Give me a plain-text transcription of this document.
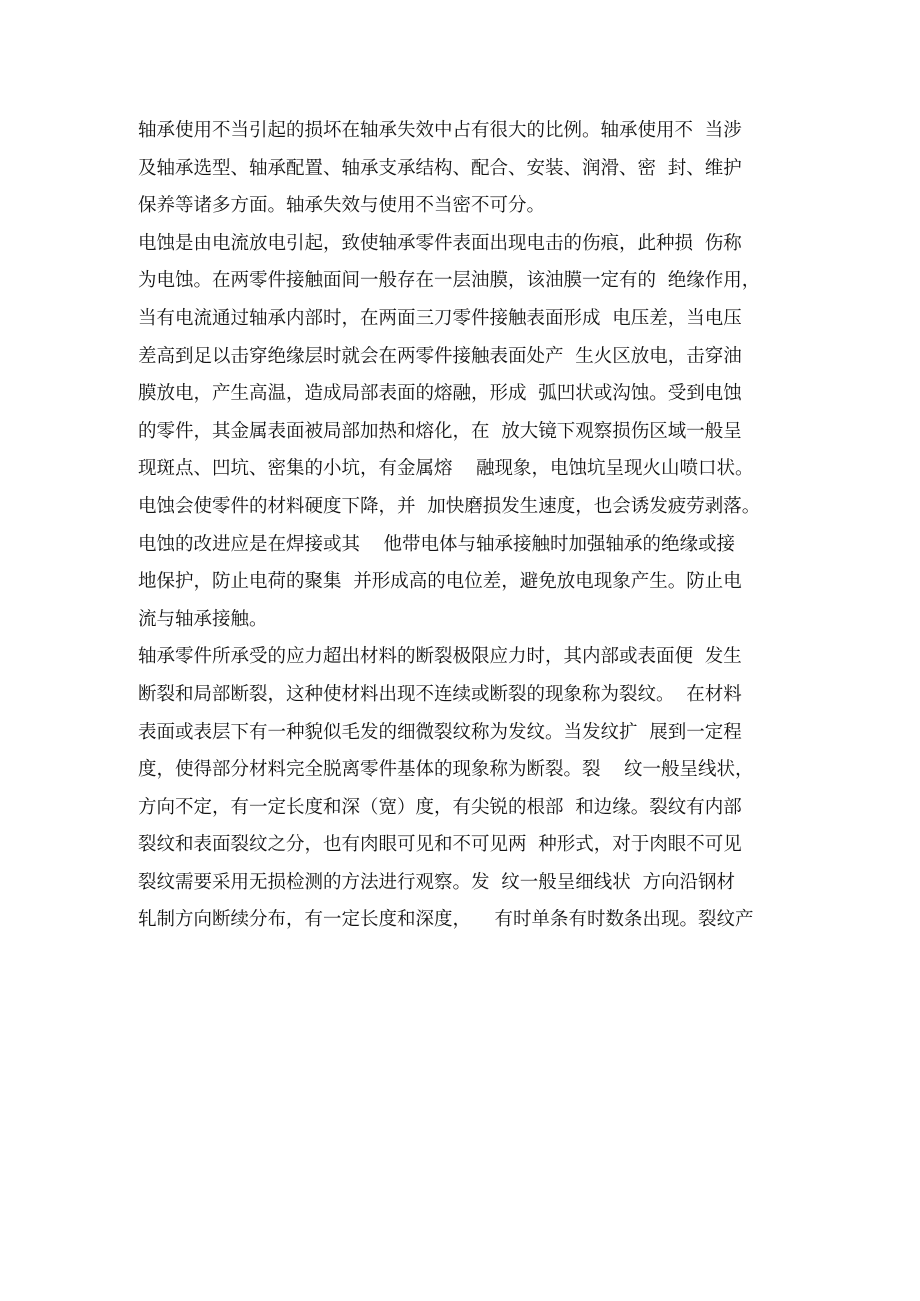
轴承使用不当引起的损坏在轴承失效中占有很大的比例。轴承使用不  当涉
及轴承选型、轴承配置、轴承支承结构、配合、安装、润滑、密  封、维护
保养等诸多方面。轴承失效与使用不当密不可分。
电蚀是由电流放电引起，致使轴承零件表面出现电击的伤痕，此种损  伤称
为电蚀。在两零件接触面间一般存在一层油膜，该油膜一定有的  绝缘作用，
当有电流通过轴承内部时，在两面三刀零件接触表面形成  电压差，当电压
差高到足以击穿绝缘层时就会在两零件接触表面处产  生火区放电，击穿油
膜放电，产生高温，造成局部表面的熔融，形成  弧凹状或沟蚀。受到电蚀
的零件，其金属表面被局部加热和熔化，在  放大镜下观察损伤区域一般呈
现斑点、凹坑、密集的小坑，有金属熔    融现象，电蚀坑呈现火山喷口状。
电蚀会使零件的材料硬度下降，并  加快磨损发生速度，也会诱发疲劳剥落。
电蚀的改进应是在焊接或其    他带电体与轴承接触时加强轴承的绝缘或接
地保护，防止电荷的聚集  并形成高的电位差，避免放电现象产生。防止电
流与轴承接触。
轴承零件所承受的应力超出材料的断裂极限应力时，其内部或表面便  发生
断裂和局部断裂，这种使材料出现不连续或断裂的现象称为裂纹。  在材料
表面或表层下有一种貌似毛发的细微裂纹称为发纹。当发纹扩  展到一定程
度，使得部分材料完全脱离零件基体的现象称为断裂。裂    纹一般呈线状，
方向不定，有一定长度和深（宽）度，有尖锐的根部  和边缘。裂纹有内部
裂纹和表面裂纹之分，也有肉眼可见和不可见两  种形式，对于肉眼不可见
裂纹需要采用无损检测的方法进行观察。发  纹一般呈细线状  方向沿钢材
轧制方向断续分布，有一定长度和深度，    有时单条有时数条出现。裂纹产
